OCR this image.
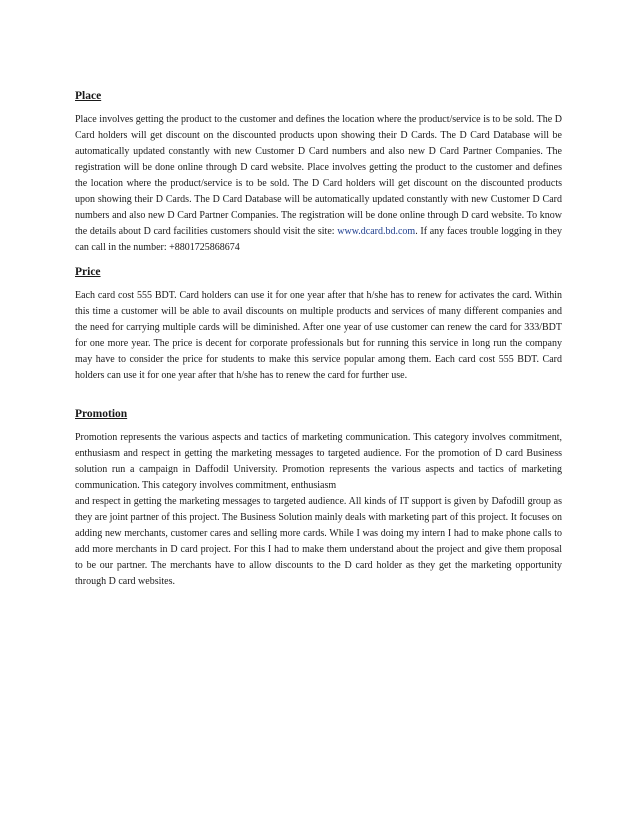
Place

Place involves getting the product to the customer and defines the location where the product/service is to be sold. The D Card holders will get discount on the discounted products upon showing their D Cards. The D Card Database will be automatically updated constantly with new Customer D Card numbers and also new D Card Partner Companies. The registration will be done online through D card website. Place involves getting the product to the customer and defines the location where the product/service is to be sold. The D Card holders will get discount on the discounted products upon showing their D Cards. The D Card Database will be automatically updated constantly with new Customer D Card numbers and also new D Card Partner Companies. The registration will be done online through D card website. To know the details about D card facilities customers should visit the site: www.dcard.bd.com. If any faces trouble logging in they can call in the number: +8801725868674

Price

Each card cost 555 BDT. Card holders can use it for one year after that h/she has to renew for activates the card. Within this time a customer will be able to avail discounts on multiple products and services of many different companies and the need for carrying multiple cards will be diminished. After one year of use customer can renew the card for 333/BDT for one more year. The price is decent for corporate professionals but for running this service in long run the company may have to consider the price for students to make this service popular among them. Each card cost 555 BDT. Card holders can use it for one year after that h/she has to renew the card for further use.

Promotion

Promotion represents the various aspects and tactics of marketing communication. This category involves commitment, enthusiasm and respect in getting the marketing messages to targeted audience. For the promotion of D card Business solution run a campaign in Daffodil University. Promotion represents the various aspects and tactics of marketing communication. This category involves commitment, enthusiasm

and respect in getting the marketing messages to targeted audience. All kinds of IT support is given by Dafodill group as they are joint partner of this project. The Business Solution mainly deals with marketing part of this project. It focuses on adding new merchants, customer cares and selling more cards. While I was doing my intern I had to make phone calls to add more merchants in D card project. For this I had to make them understand about the project and give them proposal to be our partner. The merchants have to allow discounts to the D card holder as they get the marketing opportunity through D card websites.
